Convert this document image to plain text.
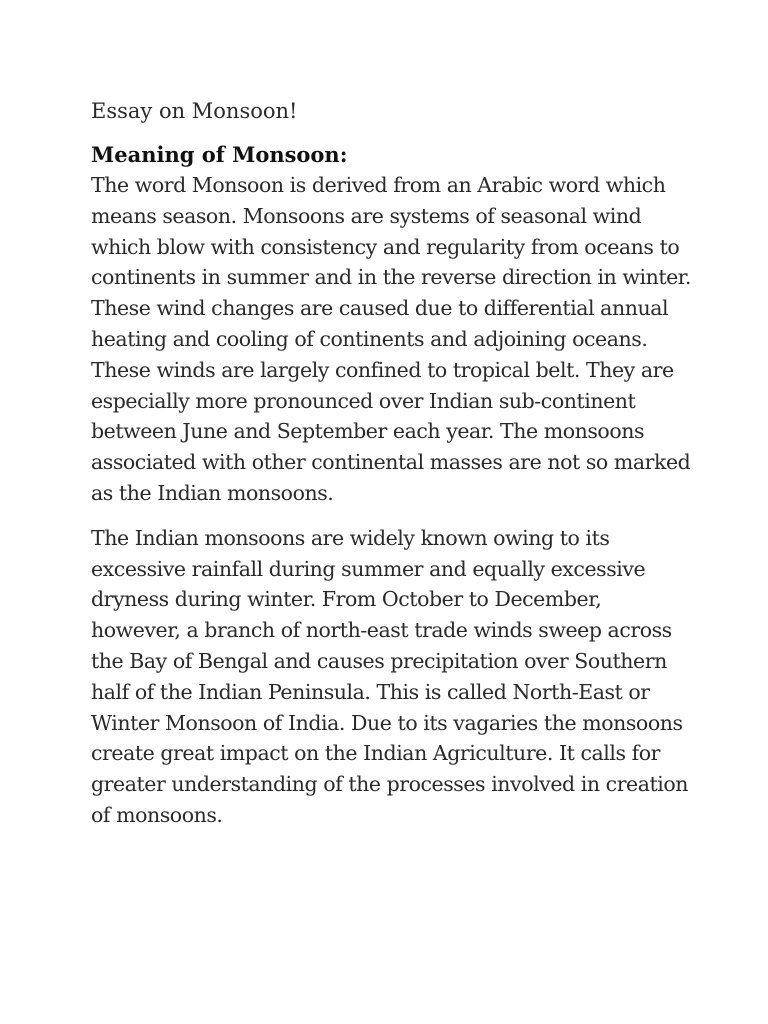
Essay on Monsoon!
Meaning of Monsoon:

The word Monsoon is derived from an Arabic word which means season. Monsoons are systems of seasonal wind which blow with consistency and regularity from oceans to continents in summer and in the reverse direction in winter. These wind changes are caused due to differential annual heating and cooling of continents and adjoining oceans. These winds are largely confined to tropical belt. They are especially more pronounced over Indian sub-continent between June and September each year. The monsoons associated with other continental masses are not so marked as the Indian monsoons.

The Indian monsoons are widely known owing to its excessive rainfall during summer and equally excessive dryness during winter. From October to December, however, a branch of north-east trade winds sweep across the Bay of Bengal and causes precipitation over Southern half of the Indian Peninsula. This is called North-East or Winter Monsoon of India. Due to its vagaries the monsoons create great impact on the Indian Agriculture. It calls for greater understanding of the processes involved in creation of monsoons.
